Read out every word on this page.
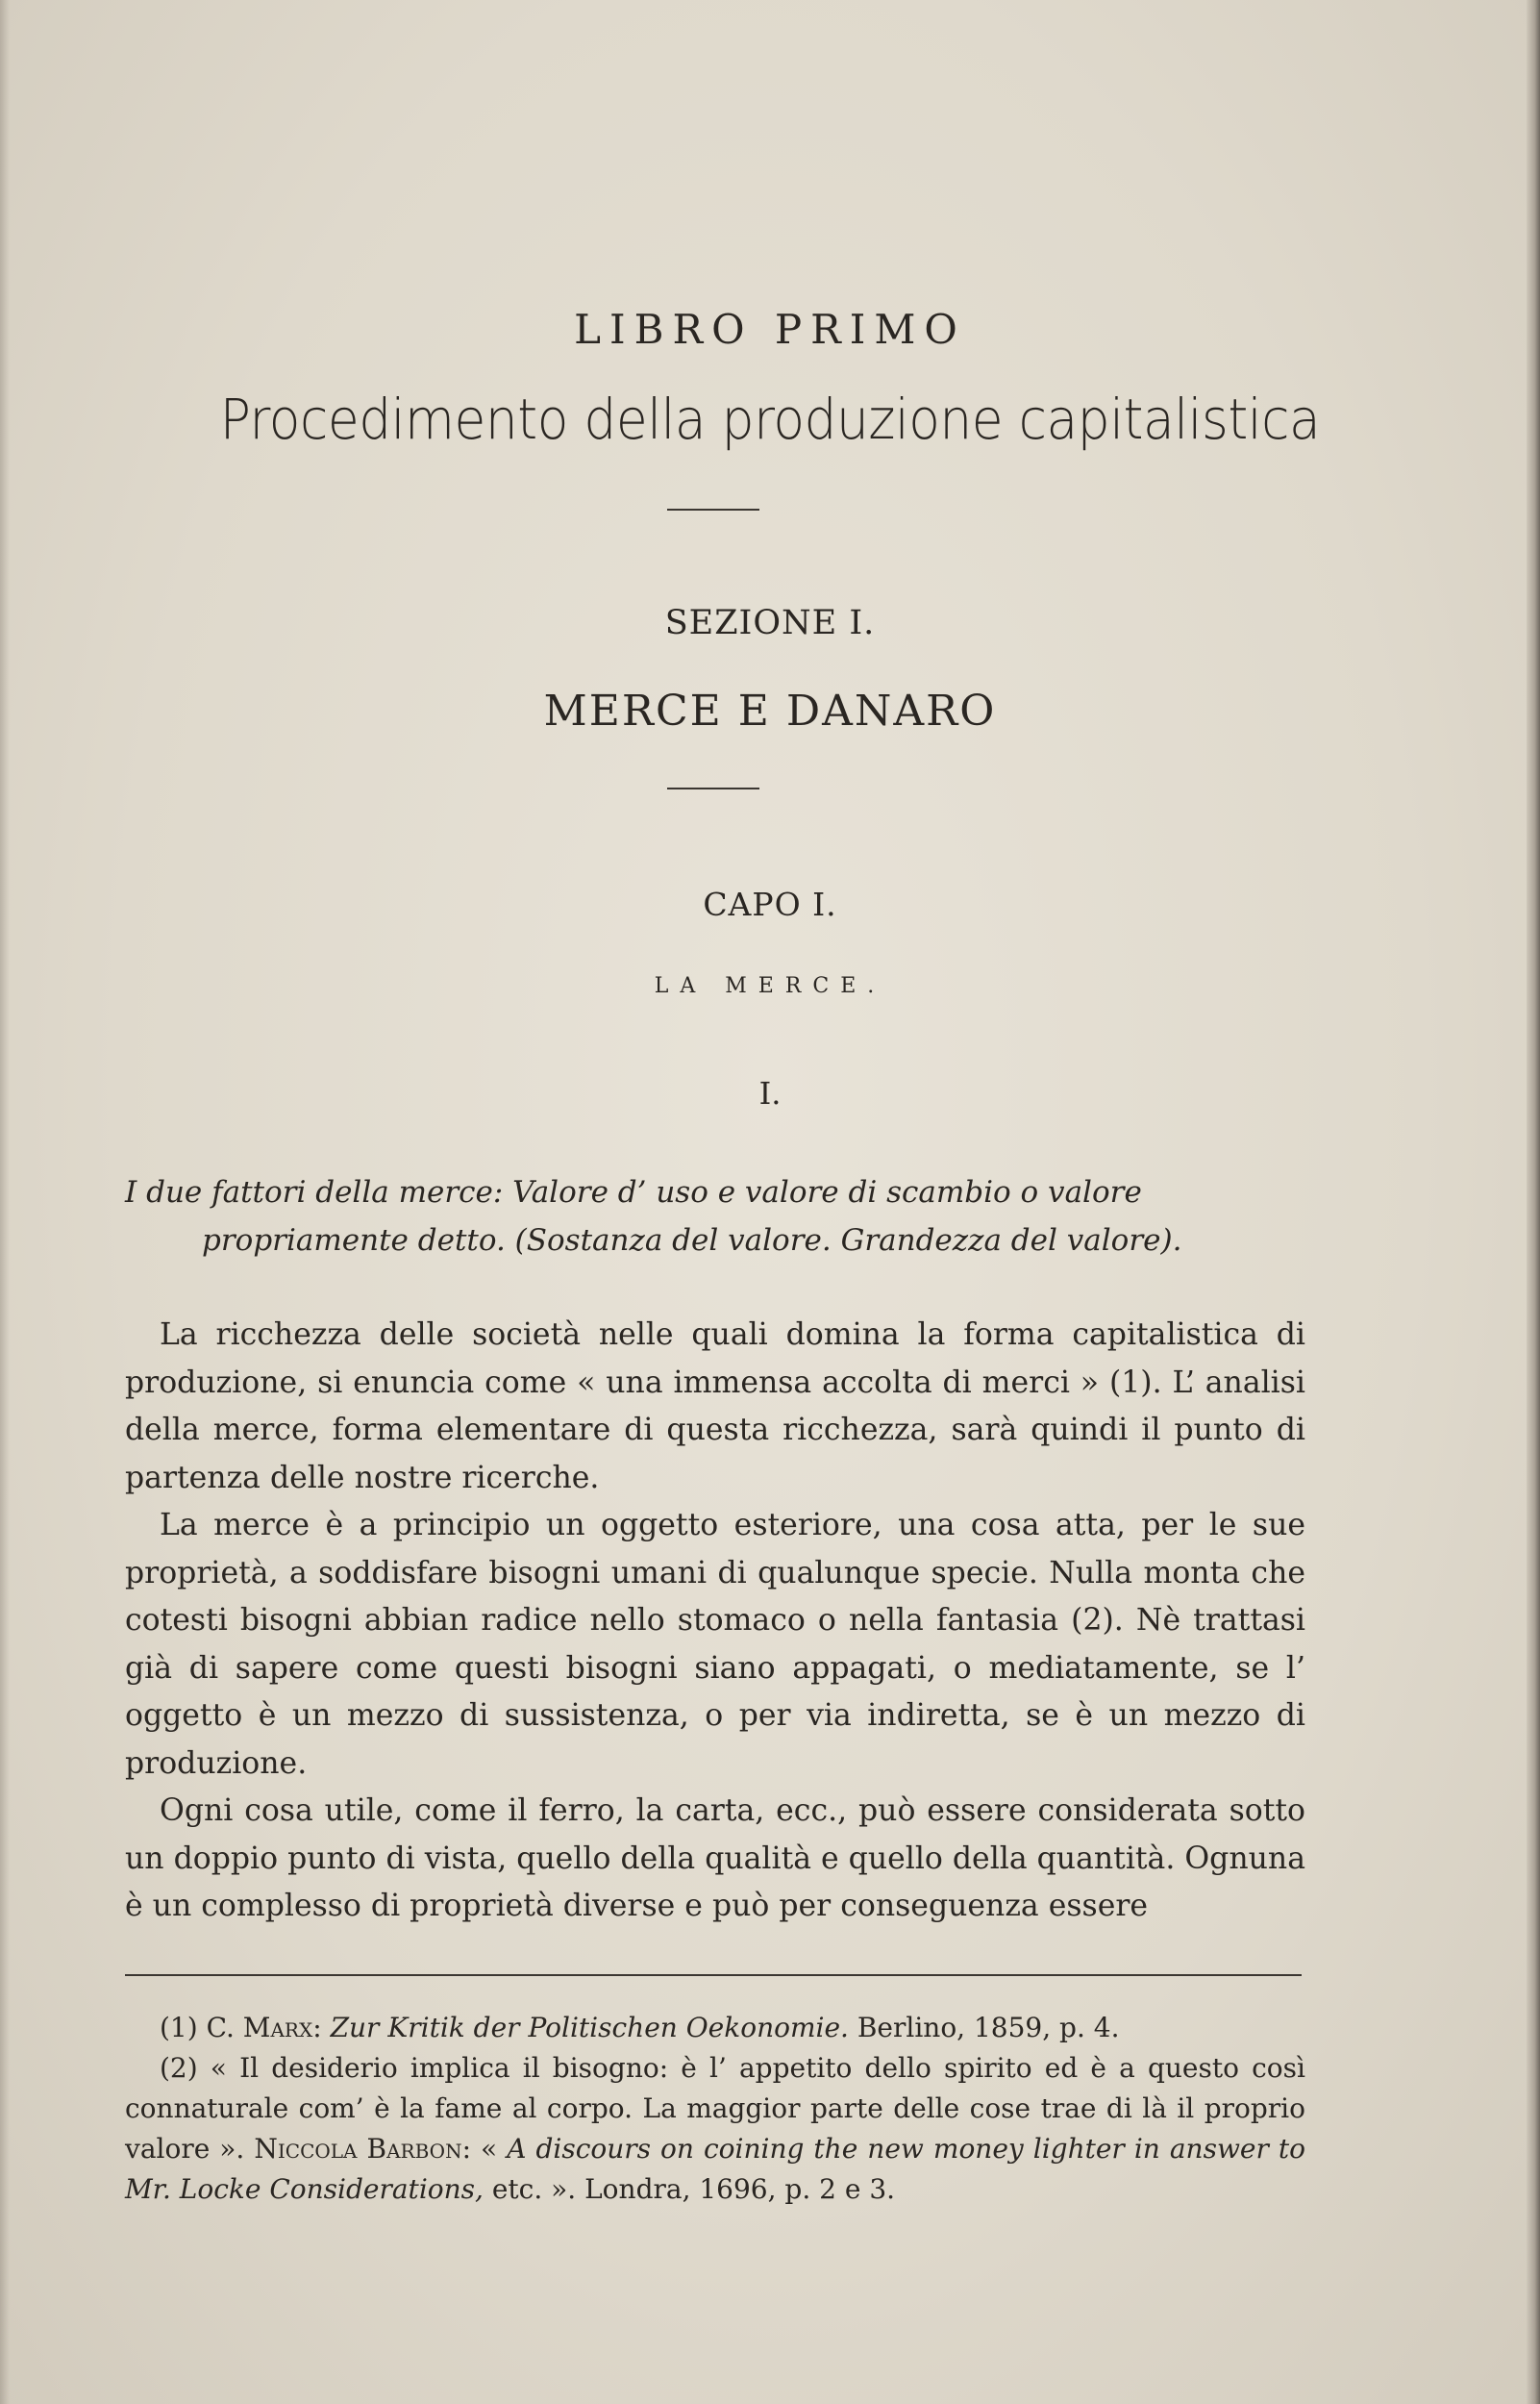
LIBRO PRIMO
Procedimento della produzione capitalistica
SEZIONE I.
MERCE E DANARO
CAPO I.
LA MERCE.
I.
I due fattori della merce: Valore d’ uso e valore di scambio o valore
propriamente detto. (Sostanza del valore. Grandezza del valore).

La ricchezza delle società nelle quali domina la forma capitalistica di produzione, si enuncia come « una immensa accolta di merci » (1). L’ analisi della merce, forma elementare di questa ricchezza, sarà quindi il punto di partenza delle nostre ricerche.

La merce è a principio un oggetto esteriore, una cosa atta, per le sue proprietà, a soddisfare bisogni umani di qualunque specie. Nulla monta che cotesti bisogni abbian radice nello stomaco o nella fantasia (2). Nè trattasi già di sapere come questi bisogni siano appagati, o mediatamente, se l’ oggetto è un mezzo di sussistenza, o per via indiretta, se è un mezzo di produzione.

Ogni cosa utile, come il ferro, la carta, ecc., può essere considerata sotto un doppio punto di vista, quello della qualità e quello della quantità. Ognuna è un complesso di proprietà diverse e può per conseguenza essere

(1) C. Marx: Zur Kritik der Politischen Oekonomie. Berlino, 1859, p. 4.

(2) « Il desiderio implica il bisogno: è l’ appetito dello spirito ed è a questo così connaturale com’ è la fame al corpo. La maggior parte delle cose trae di là il proprio valore ». Niccola Barbon: « A discours on coining the new money lighter in answer to Mr. Locke Considerations, etc. ». Londra, 1696, p. 2 e 3.
